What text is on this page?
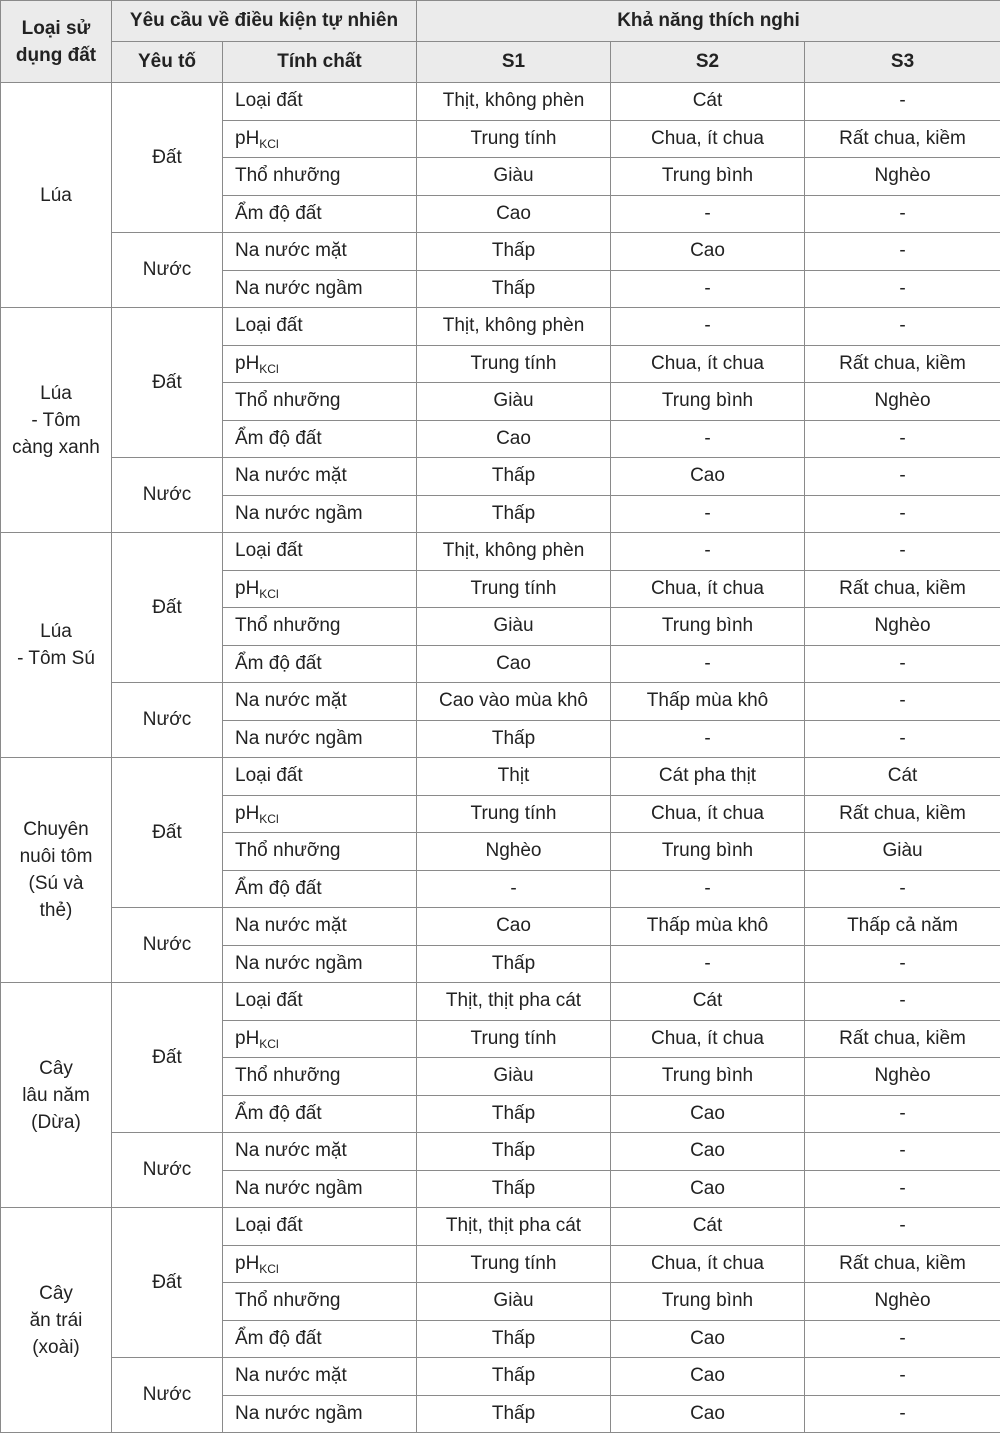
Loại sử dụng đất	Yêu cầu về điều kiện tự nhiên		Khả năng thích nghi		
	Yêu tố	Tính chất	S1	S2	S3
Lúa	Đất	Loại đất	Thịt, không phèn	Cát	-
		$pH_{KCl}$	Trung tính	Chua, ít chua	Rất chua, kiềm
		Thổ nhưỡng	Giàu	Trung bình	Nghèo
		Ẩm độ đất	Cao	-	-
	Nước	Na nước mặt	Thấp	Cao	-
		Na nước ngầm	Thấp	-	-
Lúa
- Tôm
càng xanh	Đất	Loại đất	Thịt, không phèn	-	-
		$pH_{KCl}$	Trung tính	Chua, ít chua	Rất chua, kiềm
		Thổ nhưỡng	Giàu	Trung bình	Nghèo
		Ẩm độ đất	Cao	-	-
	Nước	Na nước mặt	Thấp	Cao	-
		Na nước ngầm	Thấp	-	-
Lúa
- Tôm Sú	Đất	Loại đất	Thịt, không phèn	-	-
		$pH_{KCl}$	Trung tính	Chua, ít chua	Rất chua, kiềm
		Thổ nhưỡng	Giàu	Trung bình	Nghèo
		Ẩm độ đất	Cao	-	-
	Nước	Na nước mặt	Cao vào mùa khô	Thấp mùa khô	-
		Na nước ngầm	Thấp	-	-
Chuyên
nuôi tôm
(Sú và
thẻ)	Đất	Loại đất	Thịt	Cát pha thịt	Cát
		$pH_{KCl}$	Trung tính	Chua, ít chua	Rất chua, kiềm
		Thổ nhưỡng	Nghèo	Trung bình	Giàu
		Ẩm độ đất	-	-	-
	Nước	Na nước mặt	Cao	Thấp mùa khô	Thấp cả năm
		Na nước ngầm	Thấp	-	-
Cây
lâu năm
(Dừa)	Đất	Loại đất	Thịt, thịt pha cát	Cát	-
		$pH_{KCl}$	Trung tính	Chua, ít chua	Rất chua, kiềm
		Thổ nhưỡng	Giàu	Trung bình	Nghèo
		Ẩm độ đất	Thấp	Cao	-
	Nước	Na nước mặt	Thấp	Cao	-
		Na nước ngầm	Thấp	Cao	-
Cây
ăn trái
(xoài)	Đất	Loại đất	Thịt, thịt pha cát	Cát	-
		$pH_{KCl}$	Trung tính	Chua, ít chua	Rất chua, kiềm
		Thổ nhưỡng	Giàu	Trung bình	Nghèo
		Ẩm độ đất	Thấp	Cao	-
	Nước	Na nước mặt	Thấp	Cao	-
		Na nước ngầm	Thấp	Cao	-
